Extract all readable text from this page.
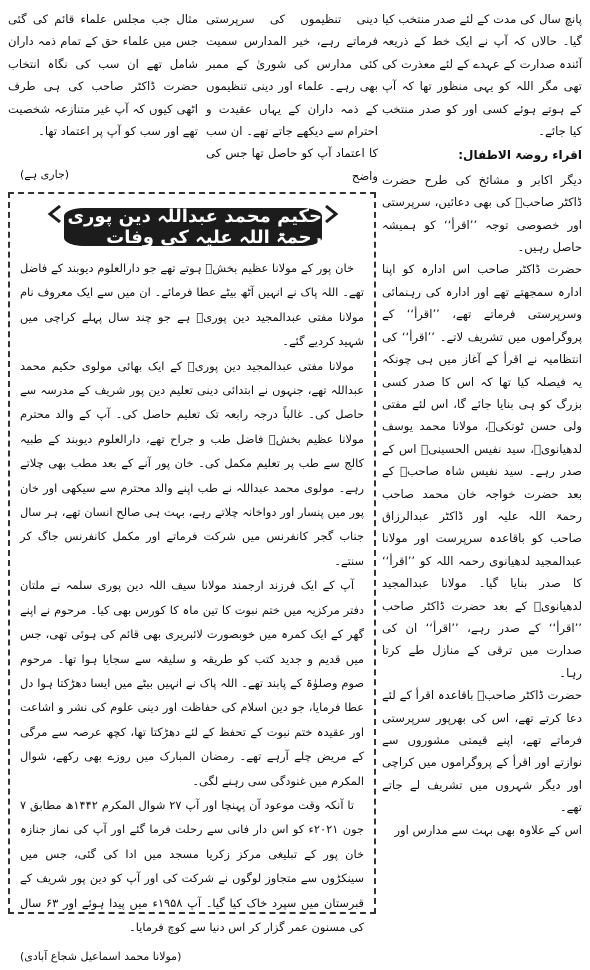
پانچ سال کی مدت کے لئے صدر منتخب کیا گیا۔ حالاں کہ آپ نے ایک خط کے ذریعہ آئندہ صدارت کے عہدے کے لئے معذرت کی تھی مگر اللہ کو یہی منظور تھا کہ آپ کے ہوتے ہوئے کسی اور کو صدر منتخب کیا جائے۔

اقراء روضۃ الاطفال:

دیگر اکابر و مشائخ کی طرح حضرت ڈاکٹر صاحبؒ کی بھی دعائیں، سرپرستی اور خصوصی توجہ ’’اقرأ‘‘ کو ہمیشہ حاصل رہیں۔

حضرت ڈاکٹر صاحب اس ادارہ کو اپنا ادارہ سمجھتے تھے اور ادارہ کی رہنمائی وسرپرستی فرماتے تھے، ’’اقرأ‘‘ کے پروگراموں میں تشریف لاتے۔ ’’اقرأ‘‘ کی انتظامیہ نے اقرأ کے آغاز میں ہی چونکہ یہ فیصلہ کیا تھا کہ اس کا صدر کسی بزرگ کو ہی بنایا جائے گا، اس لئے مفتی ولی حسن ٹونکیؒ، مولانا محمد یوسف لدھیانویؒ، سید نفیس الحسینیؒ اس کے صدر رہے۔ سید نفیس شاہ صاحبؒ کے بعد حضرت خواجہ خان محمد صاحب رحمۃ اللہ علیہ اور ڈاکٹر عبدالرزاق صاحب کو باقاعدہ سرپرست اور مولانا عبدالمجید لدھیانوی رحمہ اللہ کو ’’اقرأ‘‘ کا صدر بنایا گیا۔ مولانا عبدالمجید لدھیانویؒ کے بعد حضرت ڈاکٹر صاحب ’’اقرأ‘‘ کے صدر رہے، ’’اقرأ‘‘ ان کی صدارت میں ترقی کے منازل طے کرتا رہا۔

حضرت ڈاکٹر صاحبؒ باقاعدہ اقرأ کے لئے دعا کرتے تھے، اس کی بھرپور سرپرستی فرماتے تھے، اپنے قیمتی مشوروں سے نوازتے اور اقرأ کے پروگراموں میں کراچی اور دیگر شہروں میں تشریف لے جاتے تھے۔

اس کے علاوہ بھی بہت سے مدارس اور

دینی تنظیموں کی سرپرستی فرماتے رہے، خیر المدارس سمیت کئی مدارس کی شوریٰ کے ممبر بھی رہے۔ علماء اور دینی تنظیموں کے ذمہ داران کے یہاں عقیدت و احترام سے دیکھے جاتے تھے۔ ان سب کا اعتماد آپ کو حاصل تھا جس کی واضح

مثال جب مجلس علماء قائم کی گئی جس میں علماء حق کے تمام ذمہ داران شامل تھے ان سب کی نگاہ انتخاب حضرت ڈاکٹر صاحب کی ہی طرف اٹھی کیوں کہ آپ غیر متنازعہ شخصیت تھے اور سب کو آپ پر اعتماد تھا۔

(جاری ہے)
حکیم محمد عبداللہ دین پوری رحمۃ اللہ علیہ کی وفات

خان پور کے مولانا عظیم بخشؒ ہوتے تھے جو دارالعلوم دیوبند کے فاضل تھے۔ اللہ پاک نے انہیں آٹھ بیٹے عطا فرمائے۔ ان میں سے ایک معروف نام مولانا مفتی عبدالمجید دین پوریؒ ہے جو چند سال پہلے کراچی میں شہید کردیے گئے۔

مولانا مفتی عبدالمجید دین پوریؒ کے ایک بھائی مولوی حکیم محمد عبداللہ تھے، جنہوں نے ابتدائی دینی تعلیم دین پور شریف کے مدرسہ سے حاصل کی۔ غالباً درجہ رابعہ تک تعلیم حاصل کی۔ آپ کے والد محترم مولانا عظیم بخشؒ فاضل طب و جراح تھے، دارالعلوم دیوبند کے طبیہ کالج سے طب پر تعلیم مکمل کی۔ خان پور آنے کے بعد مطب بھی چلاتے رہے۔ مولوی محمد عبداللہ نے طب اپنے والد محترم سے سیکھی اور خان پور میں پنسار اور دواخانہ چلاتے رہے، بہت ہی صالح انسان تھے، ہر سال جناب گجر کانفرنس میں شرکت فرماتے اور مکمل کانفرنس جاگ کر سنتے۔

آپ کے ایک فرزند ارجمند مولانا سیف اللہ دین پوری سلمہ نے ملتان دفتر مرکزیہ میں ختم نبوت کا تین ماہ کا کورس بھی کیا۔ مرحوم نے اپنے گھر کے ایک کمرہ میں خوبصورت لائبریری بھی قائم کی ہوئی تھی، جس میں قدیم و جدید کتب کو طریقہ و سلیقہ سے سجایا ہوا تھا۔ مرحوم صوم وصلوٰۃ کے پابند تھے۔ اللہ پاک نے انہیں بیٹے میں ایسا دھڑکتا ہوا دل عطا فرمایا، جو دین اسلام کی حفاظت اور دینی علوم کی نشر و اشاعت اور عقیدہ ختم نبوت کے تحفظ کے لئے دھڑکتا تھا، کچھ عرصہ سے مرگی کے مریض چلے آرہے تھے۔ رمضان المبارک میں روزے بھی رکھے، شوال المکرم میں غنودگی سی رہنے لگی۔

تا آنکہ وقت موعود آن پہنچا اور آپ ۲۷ شوال المکرم ۱۴۴۲ھ مطابق ۷ جون ۲۰۲۱ء کو اس دار فانی سے رحلت فرما گئے اور آپ کی نماز جنازہ خان پور کے تبلیغی مرکز زکریا مسجد میں ادا کی گئی، جس میں سینکڑوں سے متجاوز لوگوں نے شرکت کی اور آپ کو دین پور شریف کے قبرستان میں سپرد خاک کیا گیا۔ آپ ۱۹۵۸ء میں پیدا ہوئے اور ۶۳ سال کی مسنون عمر گزار کر اس دنیا سے کوچ فرمایا۔

(مولانا محمد اسماعیل شجاع آبادی)
